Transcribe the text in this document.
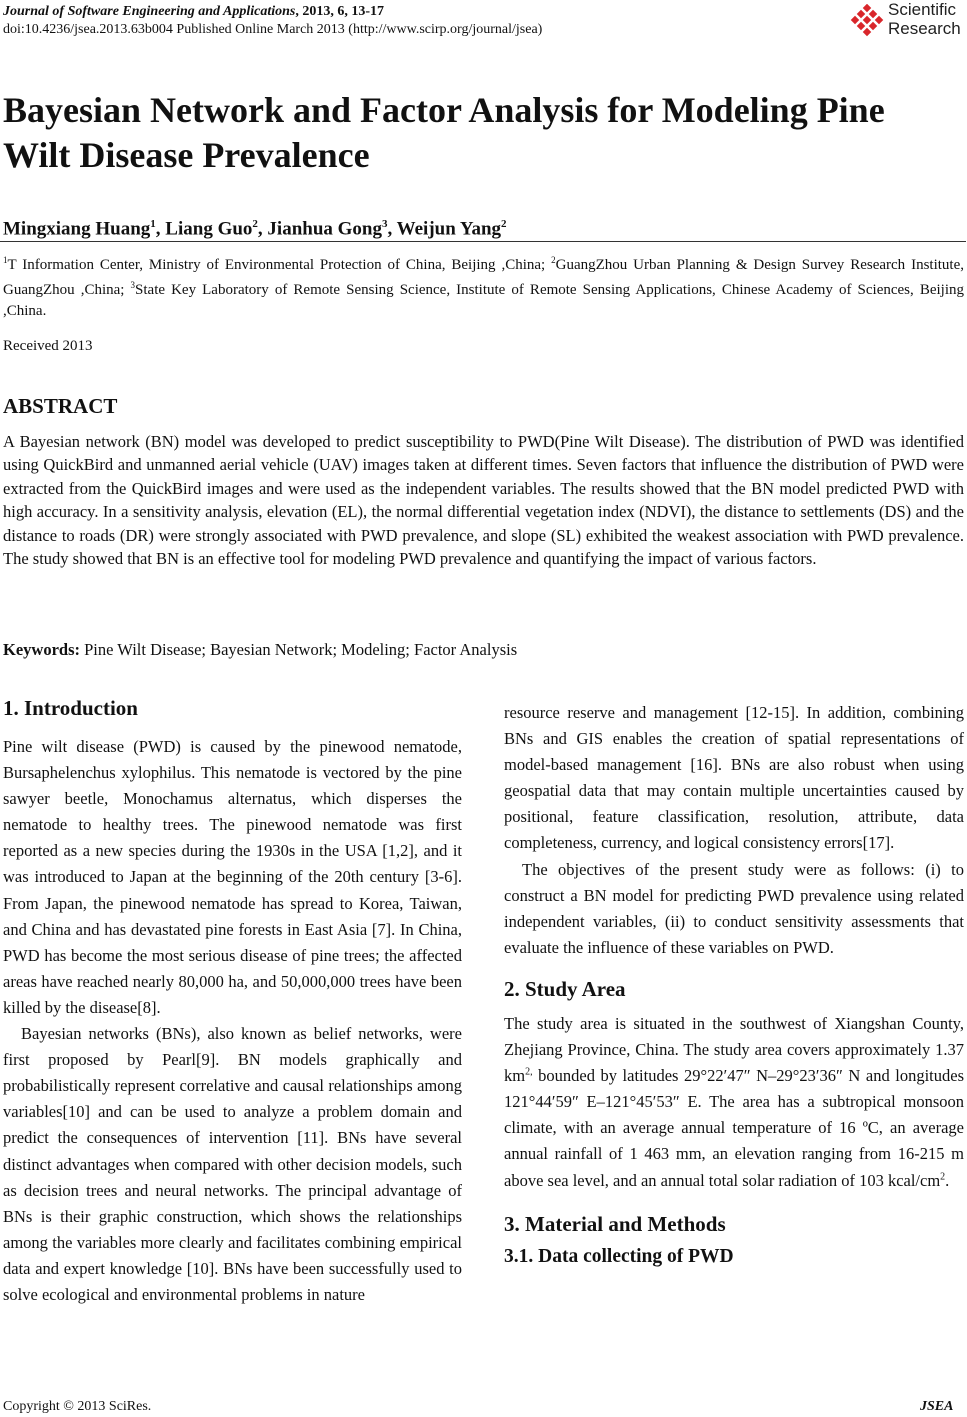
Journal of Software Engineering and Applications, 2013, 6, 13-17
doi:10.4236/jsea.2013.63b004 Published Online March 2013 (http://www.scirp.org/journal/jsea)
Scientific
Research
Bayesian Network and Factor Analysis for Modeling Pine Wilt Disease Prevalence
Mingxiang Huang$^1$, Liang Guo$^2$, Jianhua Gong$^3$, Weijun Yang$^2$
$^1$T Information Center, Ministry of Environmental Protection of China, Beijing ,China; $^2$GuangZhou Urban Planning & Design Survey Research Institute, GuangZhou ,China; $^3$State Key Laboratory of Remote Sensing Science, Institute of Remote Sensing Applications, Chinese Academy of Sciences, Beijing ,China.
Received 2013
ABSTRACT

A Bayesian network (BN) model was developed to predict susceptibility to PWD(Pine Wilt Disease). The distribution of PWD was identified using QuickBird and unmanned aerial vehicle (UAV) images taken at different times. Seven factors that influence the distribution of PWD were extracted from the QuickBird images and were used as the independent variables. The results showed that the BN model predicted PWD with high accuracy. In a sensitivity analysis, elevation (EL), the normal differential vegetation index (NDVI), the distance to settlements (DS) and the distance to roads (DR) were strongly associated with PWD prevalence, and slope (SL) exhibited the weakest association with PWD prevalence. The study showed that BN is an effective tool for modeling PWD prevalence and quantifying the impact of various factors.

Keywords: Pine Wilt Disease; Bayesian Network; Modeling; Factor Analysis
1. Introduction

Pine wilt disease (PWD) is caused by the pinewood nematode, Bursaphelenchus xylophilus. This nematode is vectored by the pine sawyer beetle, Monochamus alternatus, which disperses the nematode to healthy trees. The pinewood nematode was first reported as a new species during the 1930s in the USA [1,2], and it was introduced to Japan at the beginning of the 20th century [3-6]. From Japan, the pinewood nematode has spread to Korea, Taiwan, and China and has devastated pine forests in East Asia [7]. In China, PWD has become the most serious disease of pine trees; the affected areas have reached nearly 80,000 ha, and 50,000,000 trees have been killed by the disease[8].

Bayesian networks (BNs), also known as belief networks, were first proposed by Pearl[9]. BN models graphically and probabilistically represent correlative and causal relationships among variables[10] and can be used to analyze a problem domain and predict the consequences of intervention [11]. BNs have several distinct advantages when compared with other decision models, such as decision trees and neural networks. The principal advantage of BNs is their graphic construction, which shows the relationships among the variables more clearly and facilitates combining empirical data and expert knowledge [10]. BNs have been successfully used to solve ecological and environmental problems in nature

resource reserve and management [12-15]. In addition, combining BNs and GIS enables the creation of spatial representations of model-based management [16]. BNs are also robust when using geospatial data that may contain multiple uncertainties caused by positional, feature classification, resolution, attribute, data completeness, currency, and logical consistency errors[17].

The objectives of the present study were as follows: (i) to construct a BN model for predicting PWD prevalence using related independent variables, (ii) to conduct sensitivity assessments that evaluate the influence of these variables on PWD.

2. Study Area

The study area is situated in the southwest of Xiangshan County, Zhejiang Province, China. The study area covers approximately 1.37 $km^{2,}$ bounded by latitudes 29°22′47″ N–29°23′36″ N and longitudes 121°44′59″ E–121°45′53″ E. The area has a subtropical monsoon climate, with an average annual temperature of 16 ºC, an average annual rainfall of 1 463 mm, an elevation ranging from 16-215 m above sea level, and an annual total solar radiation of 103 kcal/$cm^2$.

3. Material and Methods
3.1. Data collecting of PWD
Copyright © 2013 SciRes.	JSEA
